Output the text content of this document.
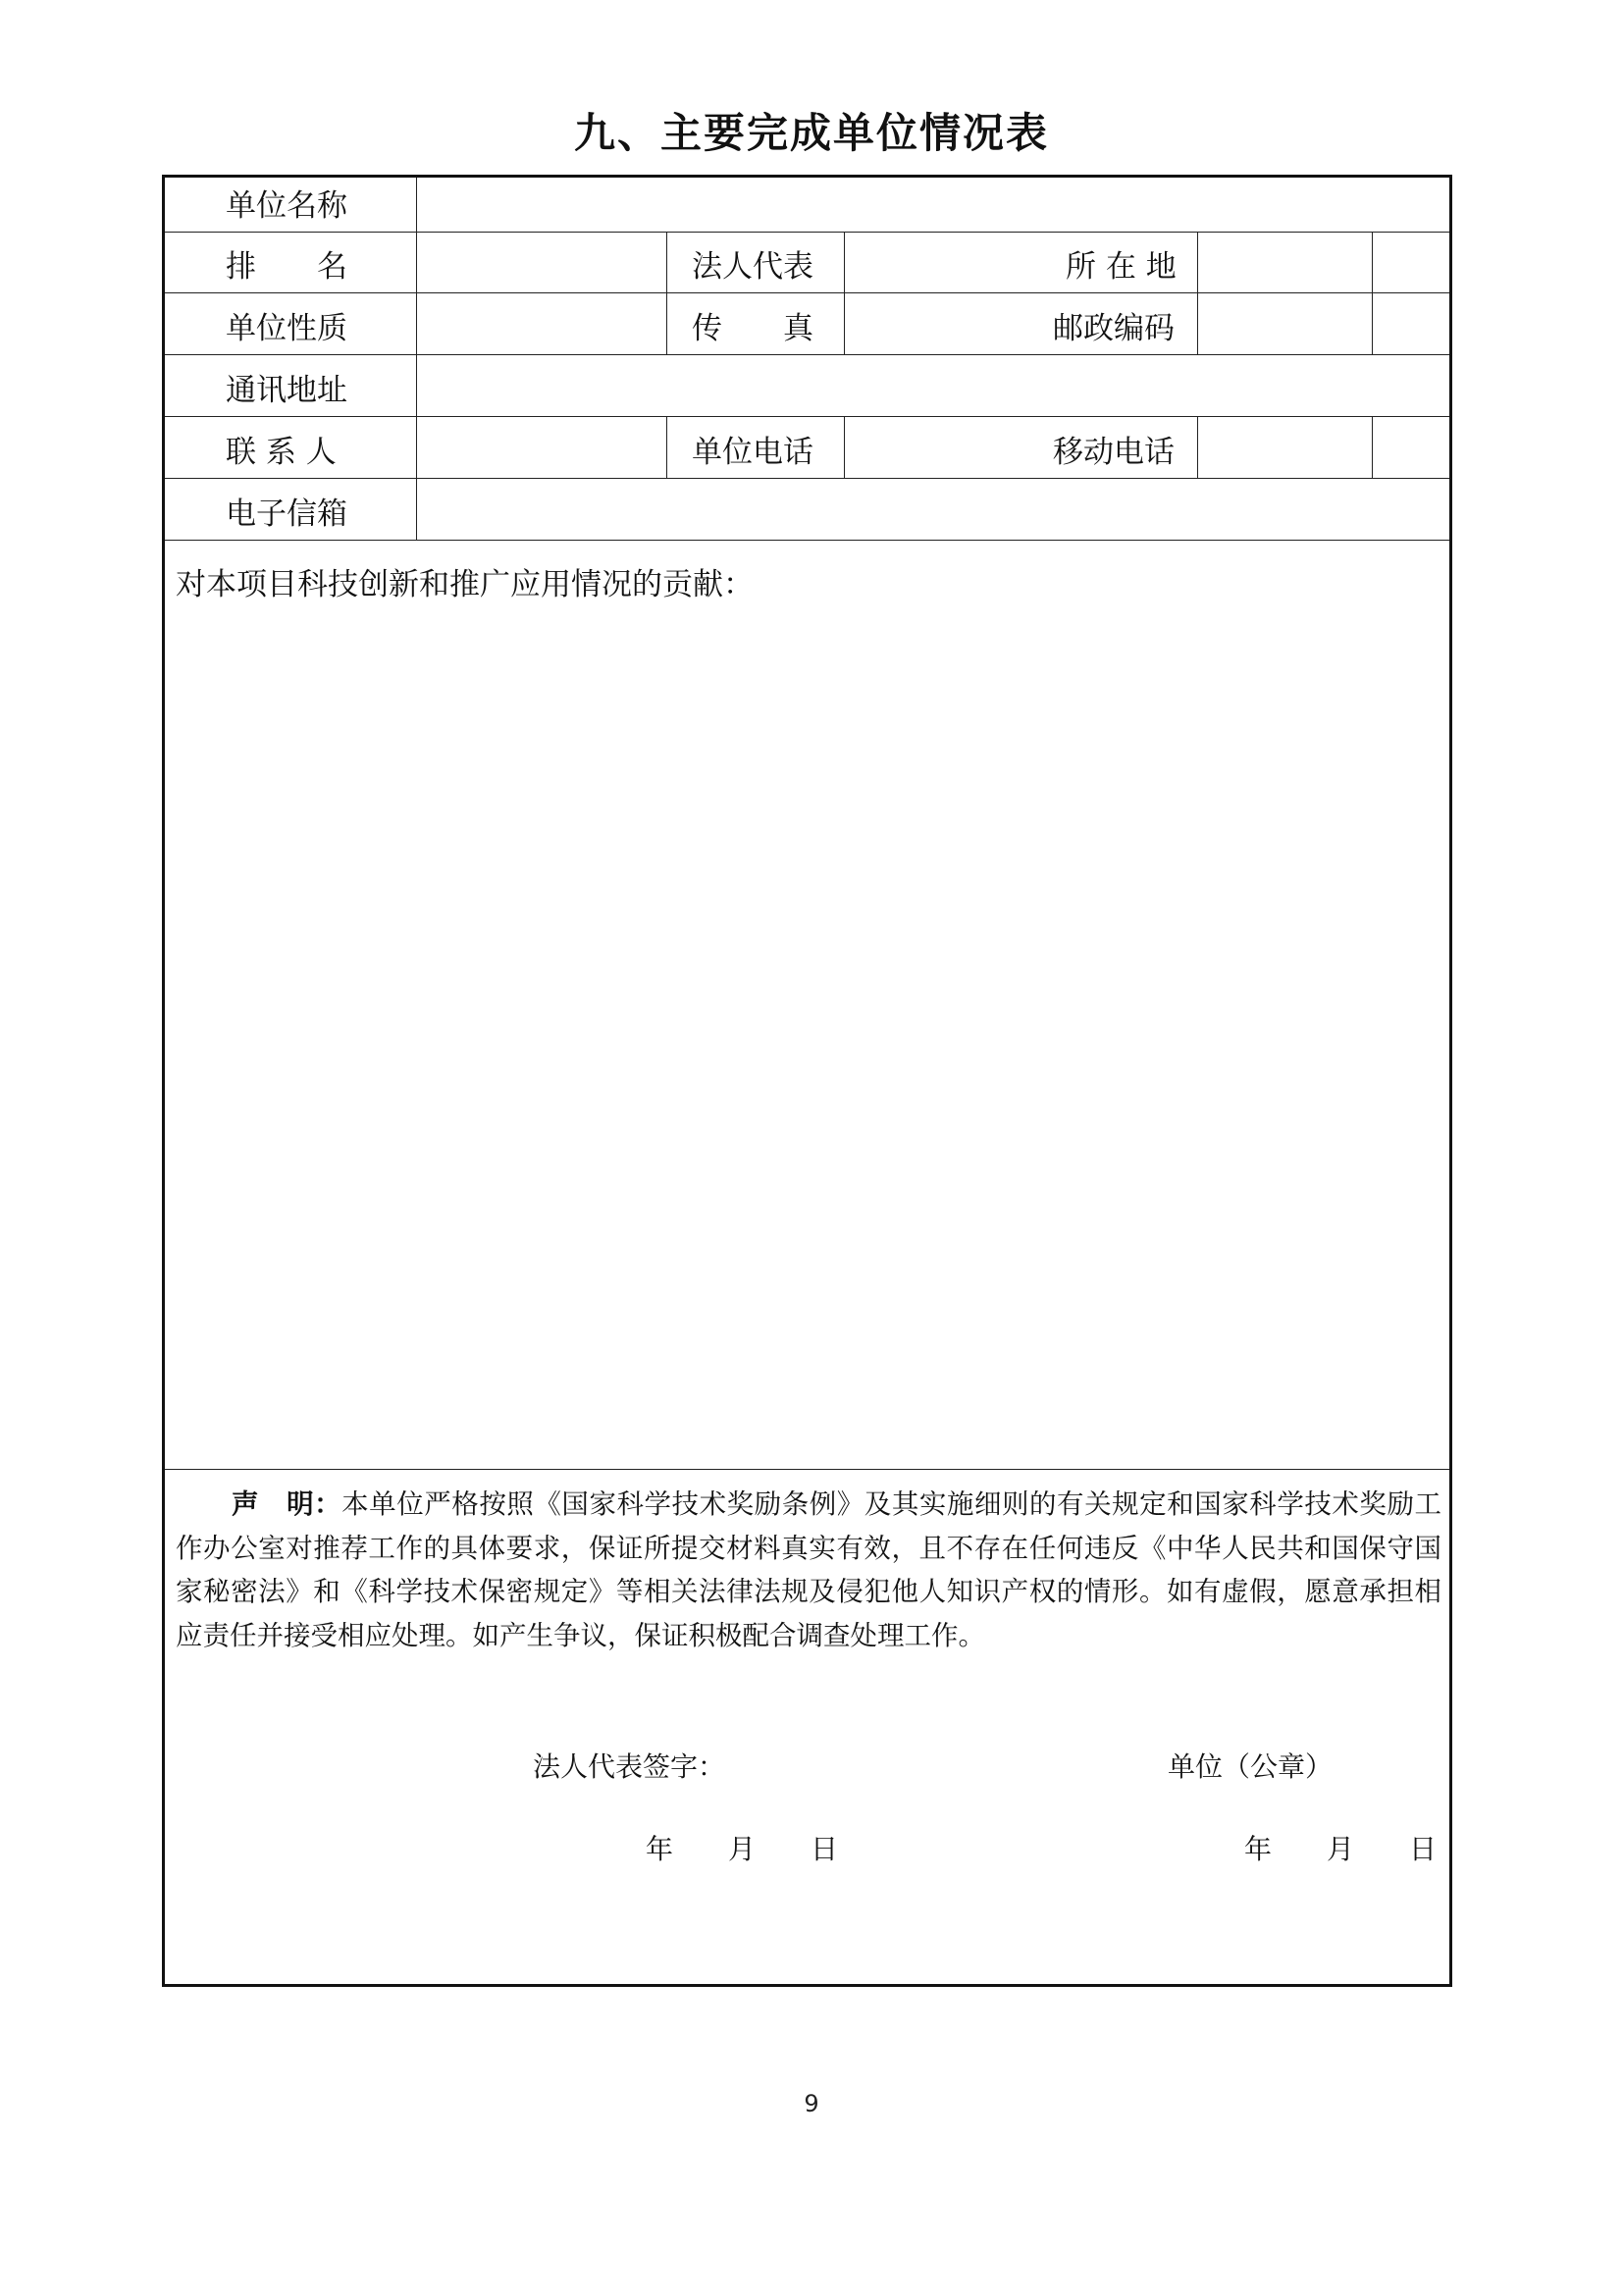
九、主要完成单位情况表
单位名称
排　　名	法人代表	所 在 地
单位性质	传　　真	邮政编码
通讯地址
联 系 人	单位电话	移动电话
电子信箱
对本项目科技创新和推广应用情况的贡献：
声　明：本单位严格按照《国家科学技术奖励条例》及其实施细则的有关规定和国家科学技术奖励工作办公室对推荐工作的具体要求，保证所提交材料真实有效，且不存在任何违反《中华人民共和国保守国家秘密法》和《科学技术保密规定》等相关法律法规及侵犯他人知识产权的情形。如有虚假，愿意承担相应责任并接受相应处理。如产生争议，保证积极配合调查处理工作。
法人代表签字：	单位（公章）
年　　月　　日	年　　月　　日
9
